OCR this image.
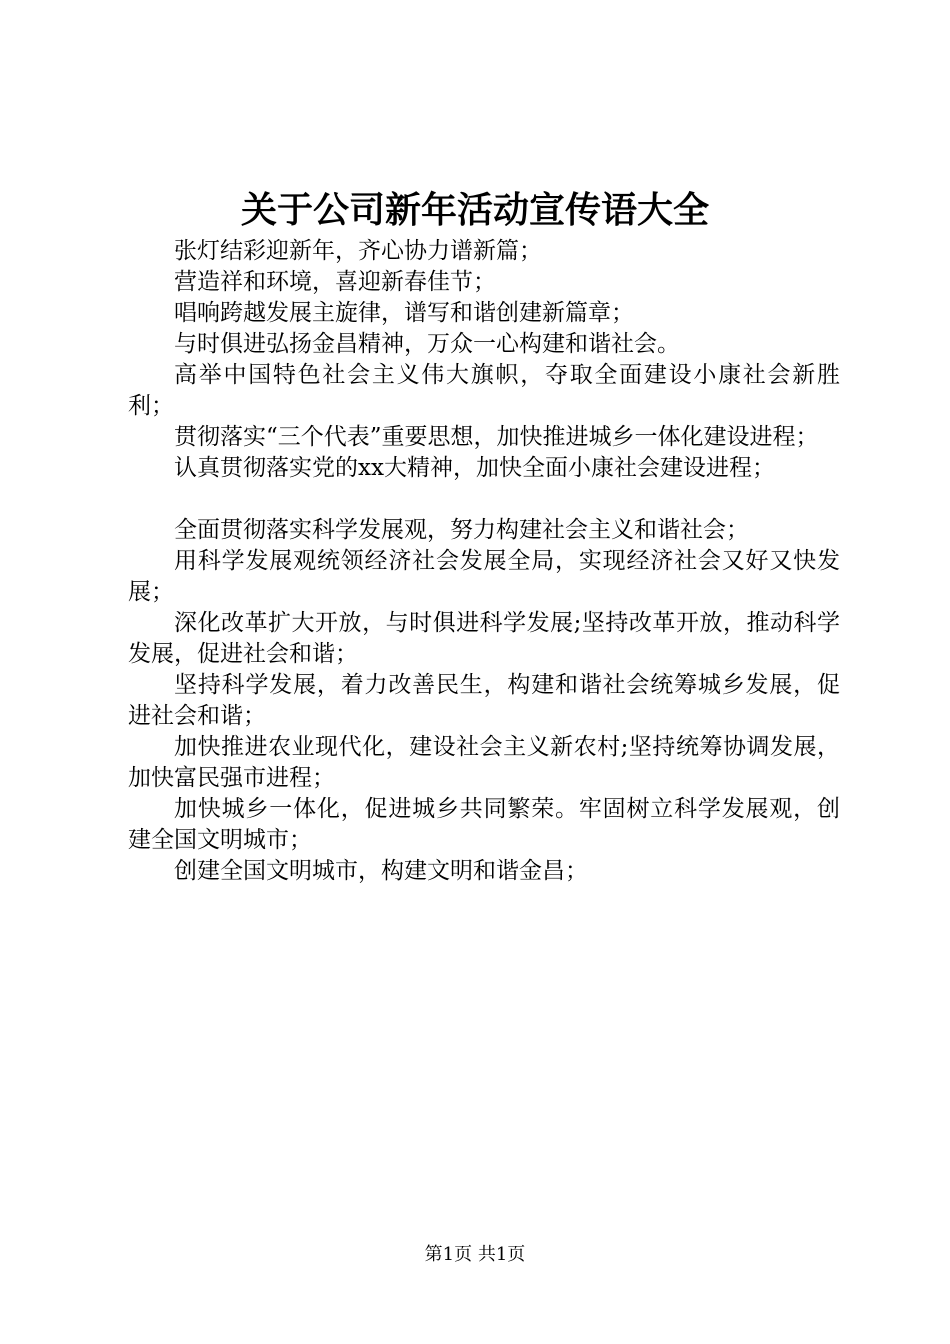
关于公司新年活动宣传语大全

张灯结彩迎新年，齐心协力谱新篇；

营造祥和环境，喜迎新春佳节；

唱响跨越发展主旋律，谱写和谐创建新篇章；

与时俱进弘扬金昌精神，万众一心构建和谐社会。

高举中国特色社会主义伟大旗帜，夺取全面建设小康社会新胜利；

贯彻落实“三个代表”重要思想，加快推进城乡一体化建设进程；

认真贯彻落实党的xx大精神，加快全面小康社会建设进程；

全面贯彻落实科学发展观，努力构建社会主义和谐社会；

用科学发展观统领经济社会发展全局，实现经济社会又好又快发展；

深化改革扩大开放，与时俱进科学发展;坚持改革开放，推动科学发展，促进社会和谐；

坚持科学发展，着力改善民生，构建和谐社会统筹城乡发展，促进社会和谐；

加快推进农业现代化，建设社会主义新农村;坚持统筹协调发展，加快富民强市进程；

加快城乡一体化，促进城乡共同繁荣。牢固树立科学发展观，创建全国文明城市；

创建全国文明城市，构建文明和谐金昌；

第1页 共1页
